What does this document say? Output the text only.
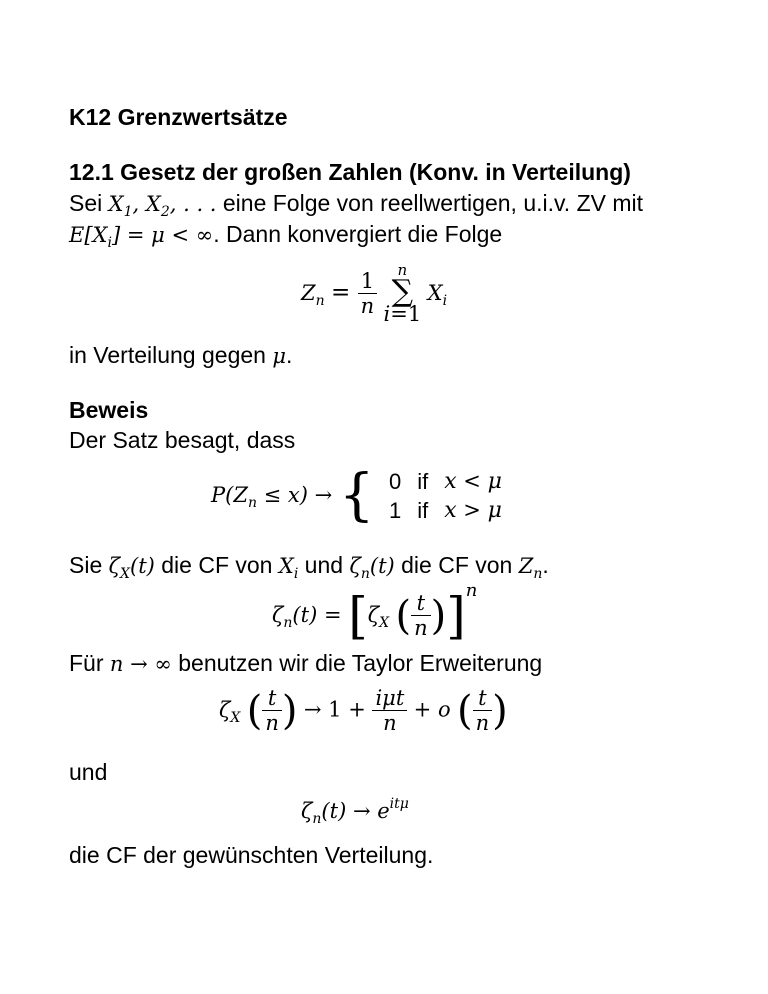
K12 Grenzwertsätze
12.1 Gesetz der großen Zahlen (Konv. in Verteilung)
Sei $X_1$, $X_2$, . . . eine Folge von reellwertigen, u.i.v. ZV mit
$E[X_i] = \mu$ < ∞. Dann konvergiert die Folge
$Z_n = \frac{1}{n}$
	n
∑
i=1
$X_i$
in Verteilung gegen μ.
Beweis
Der Satz besagt, dass
$P(Z_n \le x)$ → { 0	if	x < μ
1	if	x > μ
Sie $\zeta_X(t)$ die CF von $X_i$ und $\zeta_n(t)$ die CF von $Z_n$.
$\zeta_n(t) = [\zeta_X$ ( $\frac{t}{n} )]^n$
Für n → ∞ benutzen wir die Taylor Erweiterung
$\zeta_X$ ( $\frac{t}{n}$ ) → $1 + \frac{\text{iμt}}{n} + o$ ( $\frac{t}{n}$ )
und
$\zeta_n(t) \to e^{it\mu}$
die CF der gewünschten Verteilung.
